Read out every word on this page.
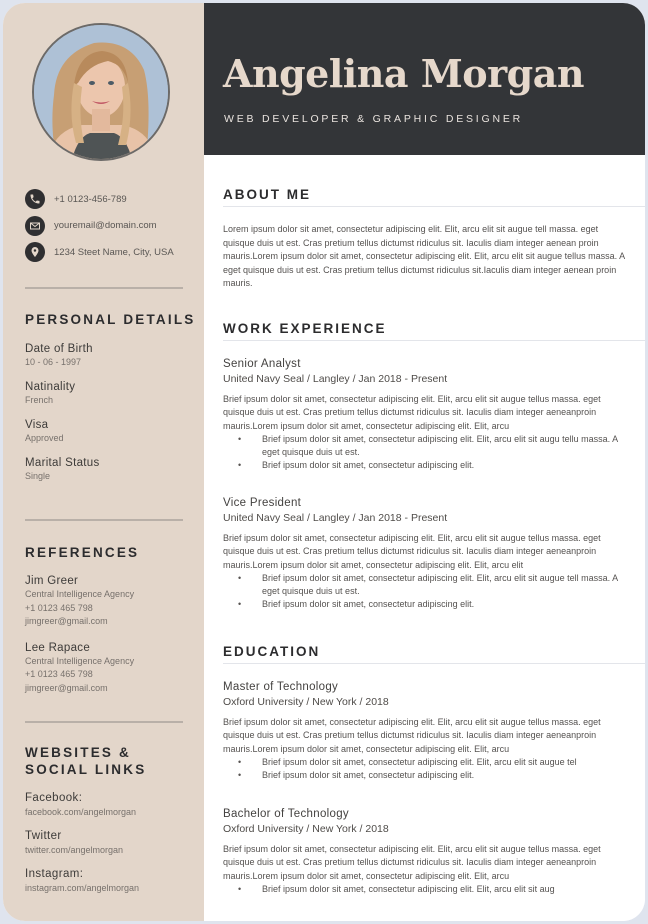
+1 0123-456-789
youremail@domain.com
1234 Steet Name, City, USA
PERSONAL DETAILS
Date of Birth
10 - 06 - 1997
Natinality
French
Visa
Approved
Marital Status
Single
REFERENCES
Jim Greer
Central Intelligence Agency
+1 0123 465 798
jimgreer@gmail.com
Lee Rapace
Central Intelligence Agency
+1 0123 465 798
jimgreer@gmail.com
WEBSITES &
SOCIAL LINKS
Facebook:
facebook.com/angelmorgan
Twitter
twitter.com/angelmorgan
Instagram:
instagram.com/angelmorgan
Angelina Morgan
WEB DEVELOPER & GRAPHIC DESIGNER
ABOUT ME
Lorem ipsum dolor sit amet, consectetur adipiscing elit. Elit, arcu elit sit augue tell massa. eget quisque duis ut est. Cras pretium tellus dictumst ridiculus sit. Iaculis diam integer aenean proin mauris.Lorem ipsum dolor sit amet, consectetur adipiscing elit. Elit, arcu elit sit augue tellus massa. A eget quisque duis ut est. Cras pretium tellus dictumst ridiculus sit.Iaculis diam integer aenean proin mauris.
WORK EXPERIENCE
Senior Analyst
United Navy Seal / Langley / Jan 2018 - Present
Brief ipsum dolor sit amet, consectetur adipiscing elit. Elit, arcu elit sit augue tellus massa. eget quisque duis ut est. Cras pretium tellus dictumst ridiculus sit. Iaculis diam integer aeneanproin mauris.Lorem ipsum dolor sit amet, consectetur adipiscing elit. Elit, arcu
• Brief ipsum dolor sit amet, consectetur adipiscing elit. Elit, arcu elit sit augu tellu massa. A eget quisque duis ut est.
• Brief ipsum dolor sit amet, consectetur adipiscing elit.
Vice President
United Navy Seal / Langley / Jan 2018 - Present
Brief ipsum dolor sit amet, consectetur adipiscing elit. Elit, arcu elit sit augue tellus massa. eget quisque duis ut est. Cras pretium tellus dictumst ridiculus sit. Iaculis diam integer aeneanproin mauris.Lorem ipsum dolor sit amet, consectetur adipiscing elit. Elit, arcu elit
• Brief ipsum dolor sit amet, consectetur adipiscing elit. Elit, arcu elit sit augue tell massa. A eget quisque duis ut est.
• Brief ipsum dolor sit amet, consectetur adipiscing elit.
EDUCATION
Master of Technology
Oxford University / New York / 2018
Brief ipsum dolor sit amet, consectetur adipiscing elit. Elit, arcu elit sit augue tellus massa. eget quisque duis ut est. Cras pretium tellus dictumst ridiculus sit. Iaculis diam integer aeneanproin mauris.Lorem ipsum dolor sit amet, consectetur adipiscing elit. Elit, arcu
• Brief ipsum dolor sit amet, consectetur adipiscing elit. Elit, arcu elit sit augue tel
• Brief ipsum dolor sit amet, consectetur adipiscing elit.
Bachelor of Technology
Oxford University / New York / 2018
Brief ipsum dolor sit amet, consectetur adipiscing elit. Elit, arcu elit sit augue tellus massa. eget quisque duis ut est. Cras pretium tellus dictumst ridiculus sit. Iaculis diam integer aeneanproin mauris.Lorem ipsum dolor sit amet, consectetur adipiscing elit. Elit, arcu
• Brief ipsum dolor sit amet, consectetur adipiscing elit. Elit, arcu elit sit aug
